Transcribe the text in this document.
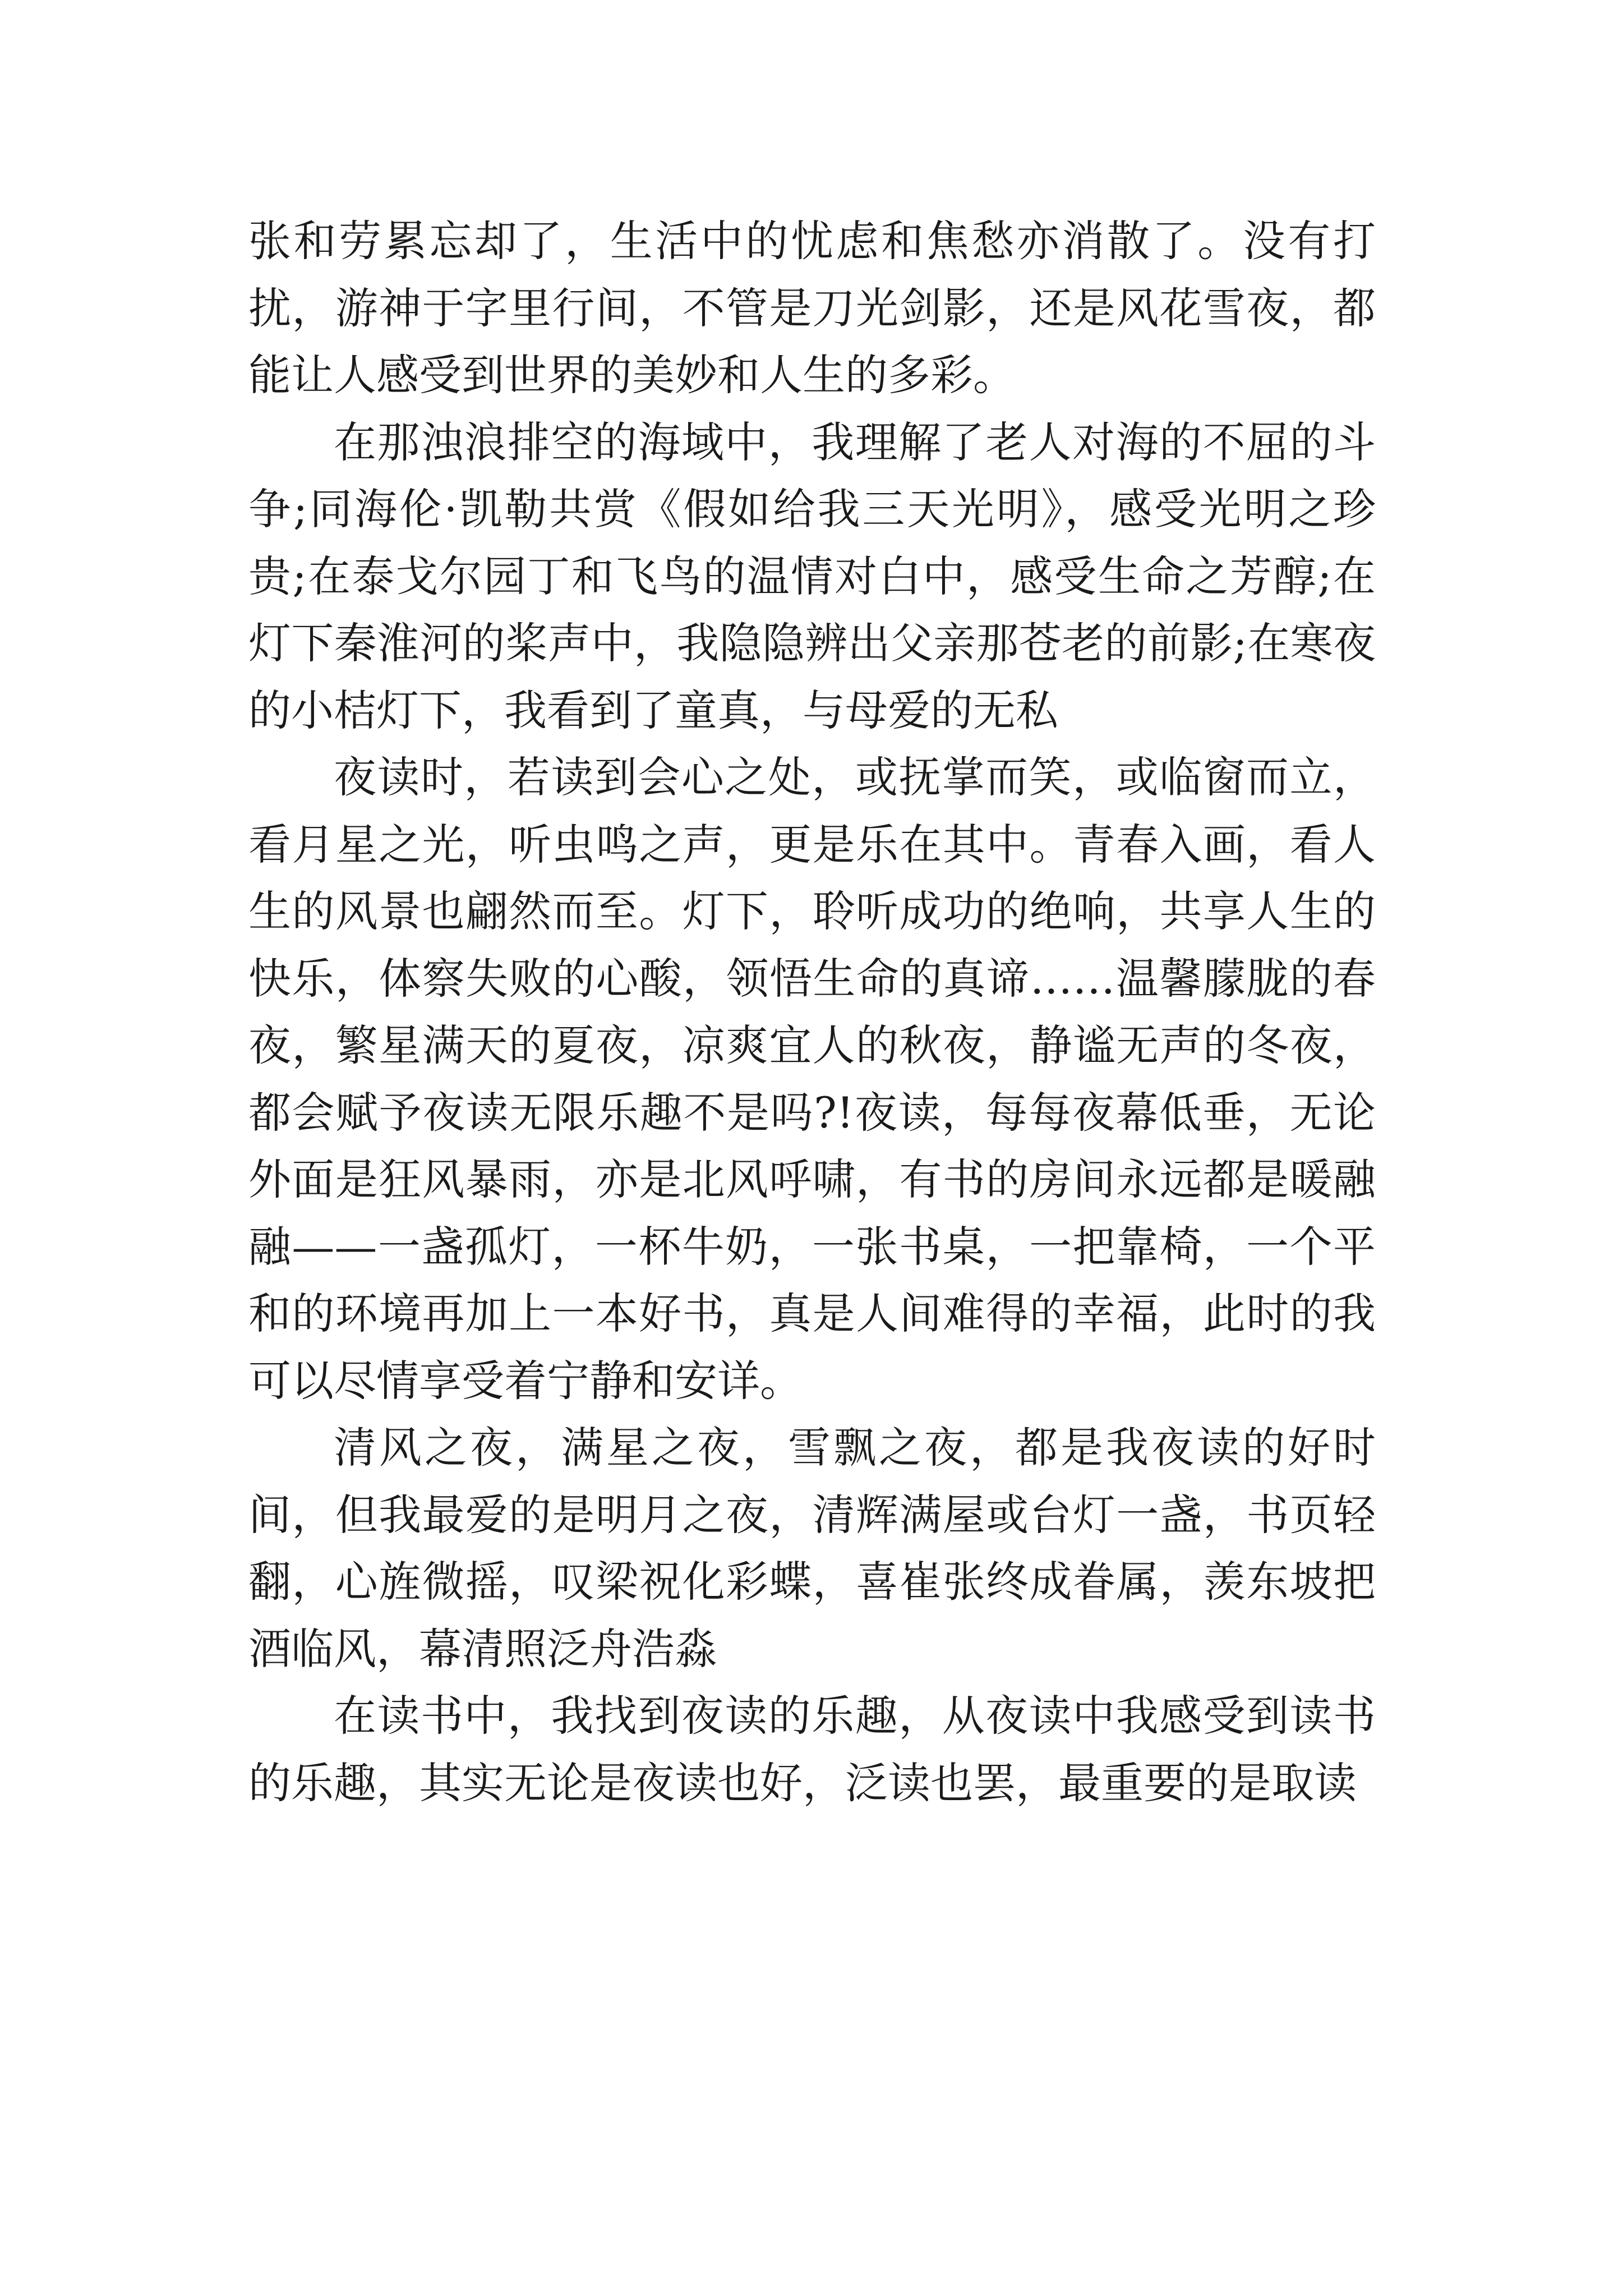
张和劳累忘却了，生活中的忧虑和焦愁亦消散了。没有打扰，游神于字里行间，不管是刀光剑影，还是风花雪夜，都能让人感受到世界的美妙和人生的多彩。

在那浊浪排空的海域中，我理解了老人对海的不屈的斗争;同海伦·凯勒共赏《假如给我三天光明》，感受光明之珍贵;在泰戈尔园丁和飞鸟的温情对白中，感受生命之芳醇;在灯下秦淮河的桨声中，我隐隐辨出父亲那苍老的前影;在寒夜的小桔灯下，我看到了童真，与母爱的无私

夜读时，若读到会心之处，或抚掌而笑，或临窗而立，看月星之光，听虫鸣之声，更是乐在其中。青春入画，看人生的风景也翩然而至。灯下，聆听成功的绝响，共享人生的快乐，体察失败的心酸，领悟生命的真谛……温馨朦胧的春夜，繁星满天的夏夜，凉爽宜人的秋夜，静谧无声的冬夜，都会赋予夜读无限乐趣不是吗?!夜读，每每夜幕低垂，无论外面是狂风暴雨，亦是北风呼啸，有书的房间永远都是暖融融——一盏孤灯，一杯牛奶，一张书桌，一把靠椅，一个平和的环境再加上一本好书，真是人间难得的幸福，此时的我可以尽情享受着宁静和安详。

清风之夜，满星之夜，雪飘之夜，都是我夜读的好时间，但我最爱的是明月之夜，清辉满屋或台灯一盏，书页轻翻，心旌微摇，叹梁祝化彩蝶，喜崔张终成眷属，羡东坡把酒临风，幕清照泛舟浩淼

在读书中，我找到夜读的乐趣，从夜读中我感受到读书的乐趣，其实无论是夜读也好，泛读也罢，最重要的是取读
